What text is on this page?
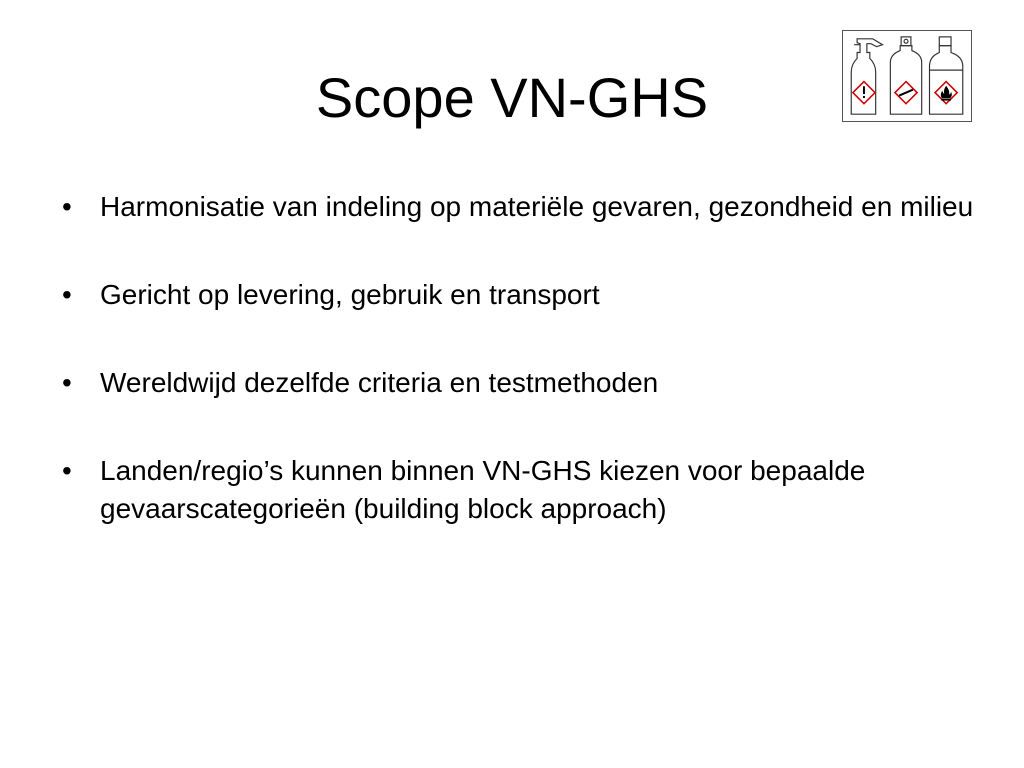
Scope VN-GHS
•	Harmonisatie van indeling op materiële gevaren, gezondheid en milieu
•	Gericht op levering, gebruik en transport
•	Wereldwijd dezelfde criteria en testmethoden
•	Landen/regio’s kunnen binnen VN-GHS kiezen voor bepaalde gevaarscategorieën (building block approach)
